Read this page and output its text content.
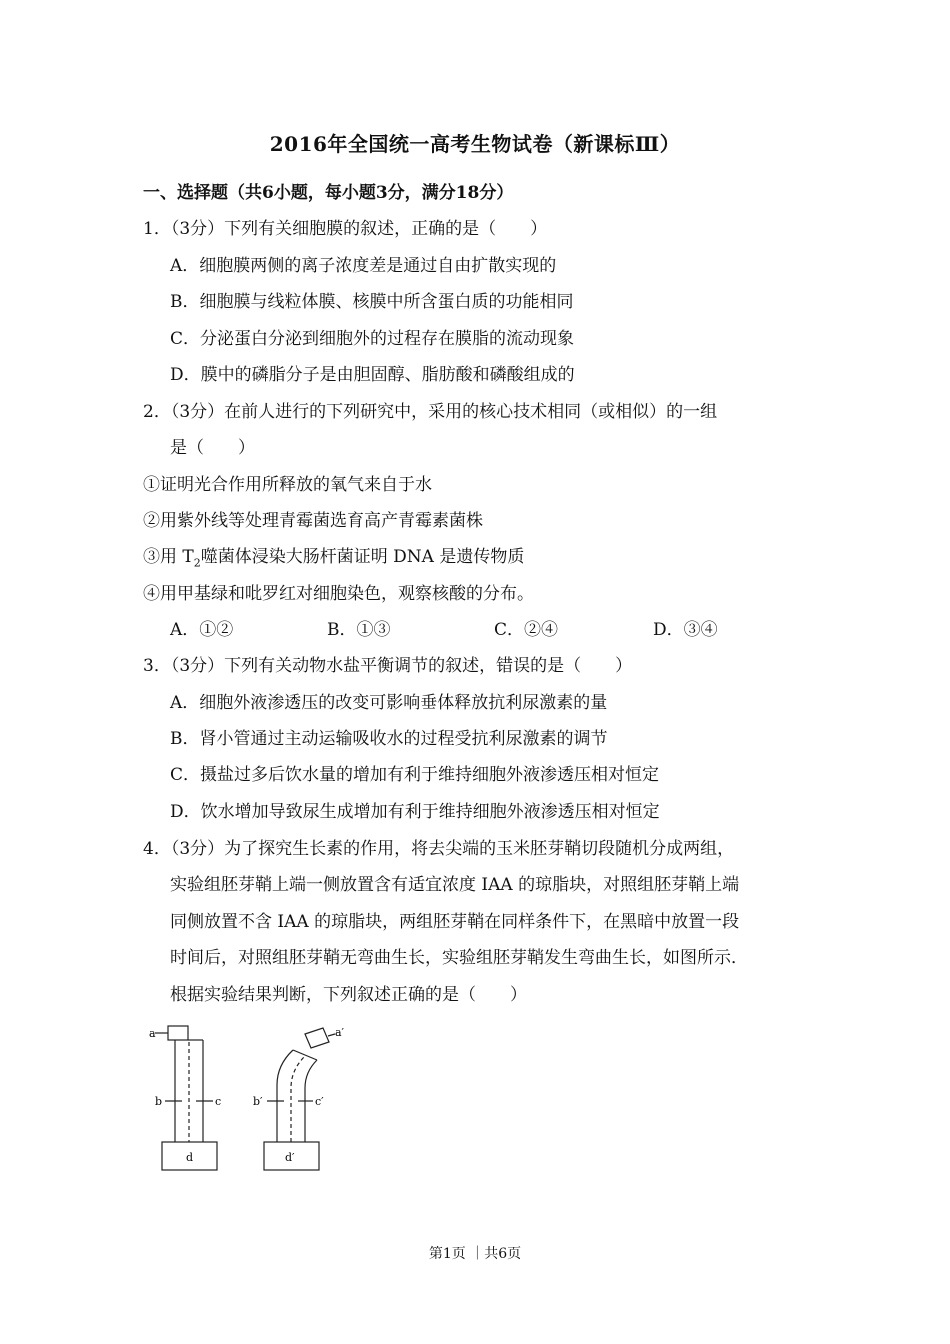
2016年全国统一高考生物试卷（新课标Ⅲ）
一、选择题（共6小题，每小题3分，满分18分）
1．（3分）下列有关细胞膜的叙述，正确的是（　　）
A．细胞膜两侧的离子浓度差是通过自由扩散实现的
B．细胞膜与线粒体膜、核膜中所含蛋白质的功能相同
C．分泌蛋白分泌到细胞外的过程存在膜脂的流动现象
D．膜中的磷脂分子是由胆固醇、脂肪酸和磷酸组成的
2．（3分）在前人进行的下列研究中，采用的核心技术相同（或相似）的一组
是（　　）
①证明光合作用所释放的氧气来自于水
②用紫外线等处理青霉菌选育高产青霉素菌株
③用 $T_2$噬菌体浸染大肠杆菌证明 DNA 是遗传物质
④用甲基绿和吡罗红对细胞染色，观察核酸的分布。
A．①②	B．①③	C．②④	D．③④
3．（3分）下列有关动物水盐平衡调节的叙述，错误的是（　　）
A．细胞外液渗透压的改变可影响垂体释放抗利尿激素的量
B．肾小管通过主动运输吸收水的过程受抗利尿激素的调节
C．摄盐过多后饮水量的增加有利于维持细胞外液渗透压相对恒定
D．饮水增加导致尿生成增加有利于维持细胞外液渗透压相对恒定
4．（3分）为了探究生长素的作用，将去尖端的玉米胚芽鞘切段随机分成两组，
实验组胚芽鞘上端一侧放置含有适宜浓度 IAA 的琼脂块，对照组胚芽鞘上端
同侧放置不含 IAA 的琼脂块，两组胚芽鞘在同样条件下，在黑暗中放置一段
时间后，对照组胚芽鞘无弯曲生长，实验组胚芽鞘发生弯曲生长，如图所示．
根据实验结果判断，下列叙述正确的是（　　）
a
b	c
d
a′
b′	c′
d′
第1页 ｜共6页
